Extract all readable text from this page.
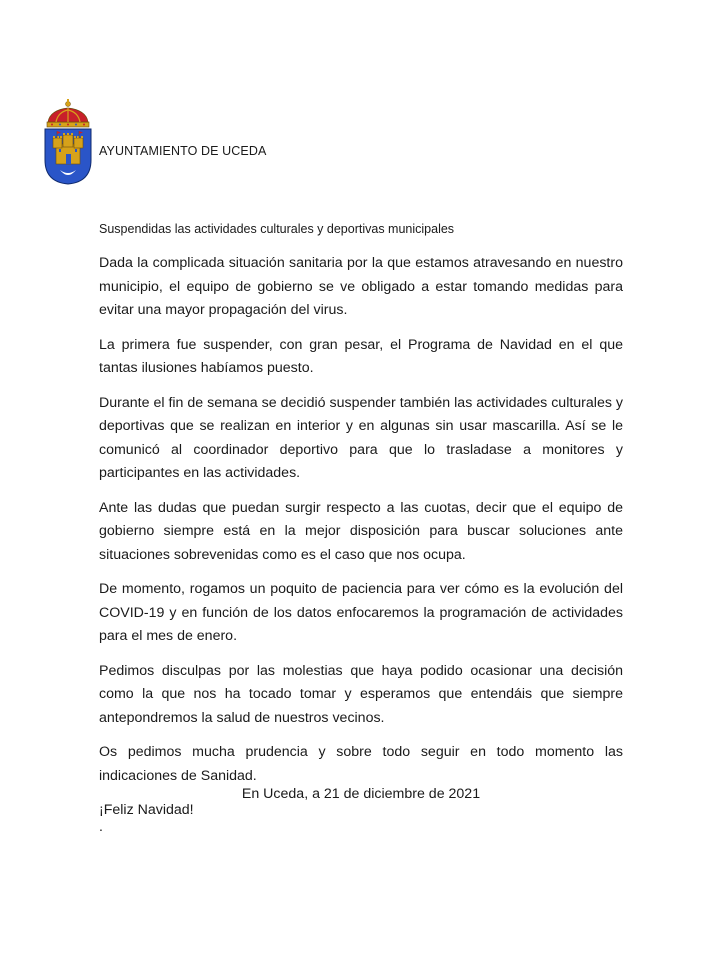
AYUNTAMIENTO DE UCEDA
Suspendidas las actividades culturales y deportivas municipales

Dada la complicada situación sanitaria por la que estamos atravesando en nuestro municipio, el equipo de gobierno se ve obligado a estar tomando medidas para evitar una mayor propagación del virus.

La primera fue suspender, con gran pesar, el Programa de Navidad en el que tantas ilusiones habíamos puesto.

Durante el fin de semana se decidió suspender también las actividades culturales y deportivas que se realizan en interior y en algunas sin usar mascarilla. Así se le comunicó al coordinador deportivo para que lo trasladase a monitores y participantes en las actividades.

Ante las dudas que puedan surgir respecto a las cuotas, decir que el equipo de gobierno siempre está en la mejor disposición para buscar soluciones ante situaciones sobrevenidas como es el caso que nos ocupa.

De momento, rogamos un poquito de paciencia para ver cómo es la evolución del COVID-19 y en función de los datos enfocaremos la programación de actividades para el mes de enero.

Pedimos disculpas por las molestias que haya podido ocasionar una decisión como la que nos ha tocado tomar y esperamos que entendáis que siempre antepondremos la salud de nuestros vecinos.

Os pedimos mucha prudencia y sobre todo seguir en todo momento las indicaciones de Sanidad.

¡Feliz Navidad!

En Uceda, a 21 de diciembre de 2021
.
